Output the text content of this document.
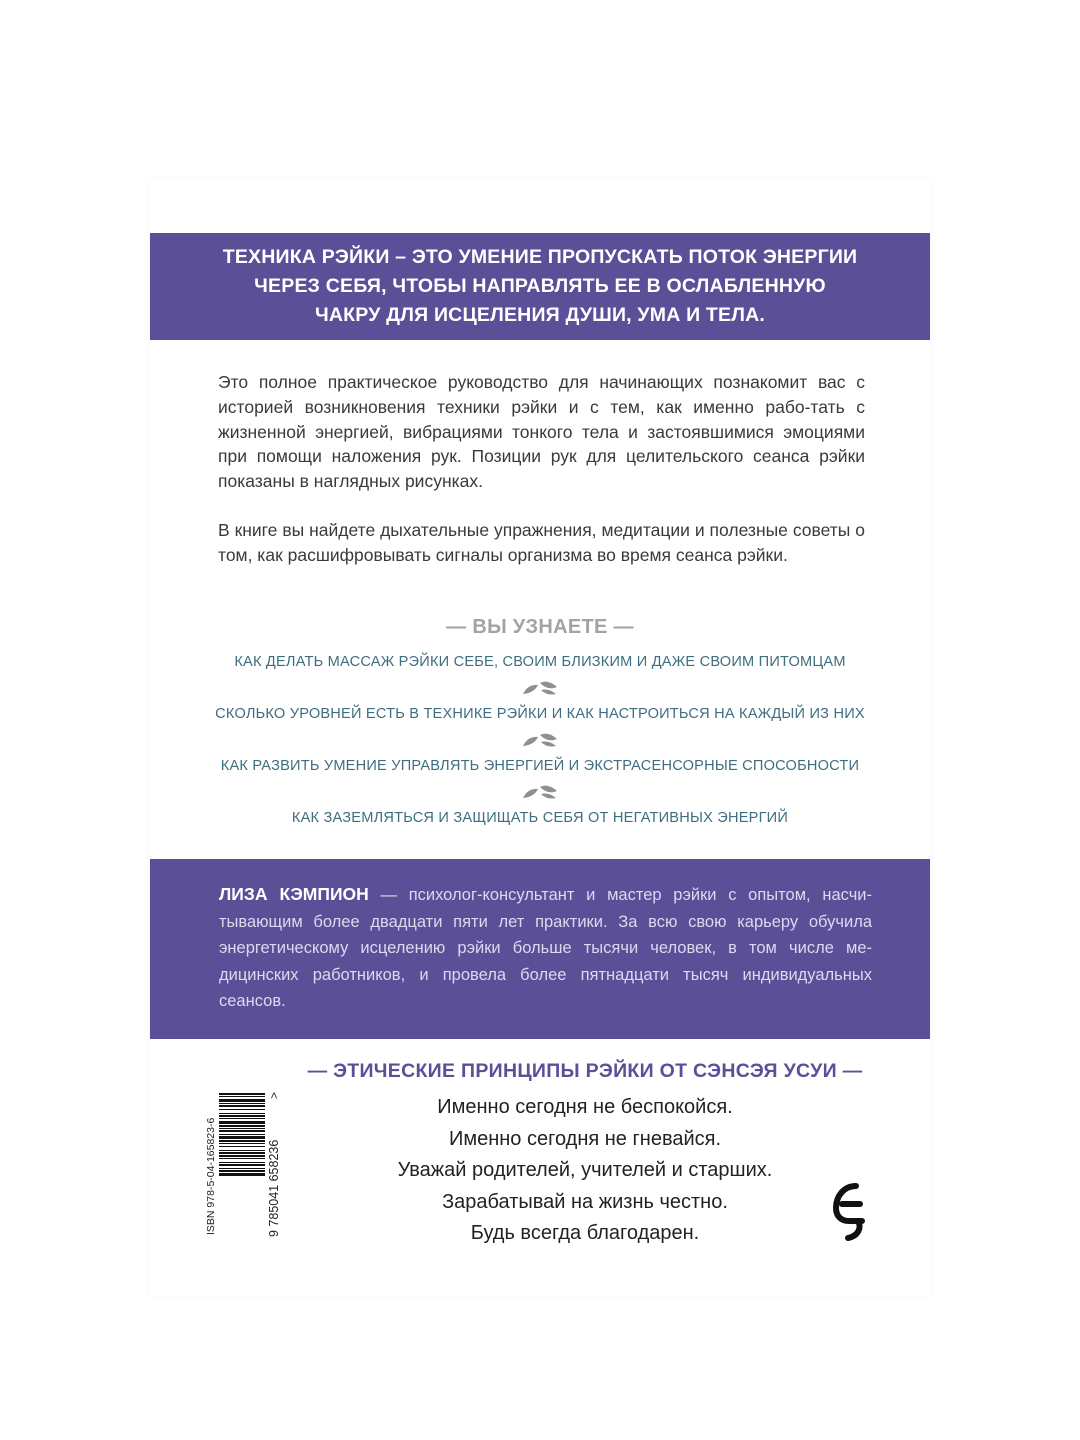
ТЕХНИКА РЭЙКИ – ЭТО УМЕНИЕ ПРОПУСКАТЬ ПОТОК ЭНЕРГИИ ЧЕРЕЗ СЕБЯ, ЧТОБЫ НАПРАВЛЯТЬ ЕЕ В ОСЛАБЛЕННУЮ ЧАКРУ ДЛЯ ИСЦЕЛЕНИЯ ДУШИ, УМА И ТЕЛА.

Это полное практическое руководство для начинающих познакомит вас с историей возникновения техники рэйки и с тем, как именно рабо-тать с жизненной энергией, вибрациями тонкого тела и застоявшимися эмоциями при помощи наложения рук. Позиции рук для целительского сеанса рэйки показаны в наглядных рисунках.

В книге вы найдете дыхательные упражнения, медитации и полезные советы о том, как расшифровывать сигналы организма во время сеанса рэйки.

— ВЫ УЗНАЕТЕ —
КАК ДЕЛАТЬ МАССАЖ РЭЙКИ СЕБЕ, СВОИМ БЛИЗКИМ И ДАЖЕ СВОИМ ПИТОМЦАМ
СКОЛЬКО УРОВНЕЙ ЕСТЬ В ТЕХНИКЕ РЭЙКИ И КАК НАСТРОИТЬСЯ НА КАЖДЫЙ ИЗ НИХ
КАК РАЗВИТЬ УМЕНИЕ УПРАВЛЯТЬ ЭНЕРГИЕЙ И ЭКСТРАСЕНСОРНЫЕ СПОСОБНОСТИ
КАК ЗАЗЕМЛЯТЬСЯ И ЗАЩИЩАТЬ СЕБЯ ОТ НЕГАТИВНЫХ ЭНЕРГИЙ
ЛИЗА КЭМПИОН — психолог-консультант и мастер рэйки с опытом, насчи-тывающим более двадцати пяти лет практики. За всю свою карьеру обучила энергетическому исцелению рэйки больше тысячи человек, в том числе ме-дицинских работников, и провела более пятнадцати тысяч индивидуальных сеансов.
— ЭТИЧЕСКИЕ ПРИНЦИПЫ РЭЙКИ ОТ СЭНСЭЯ УСУИ —
Именно сегодня не беспокойся.
Именно сегодня не гневайся.
Уважай родителей, учителей и старших.
Зарабатывай на жизнь честно.
Будь всегда благодарен.
ISBN 978-5-04-165823-6	9 785041 658236
>
